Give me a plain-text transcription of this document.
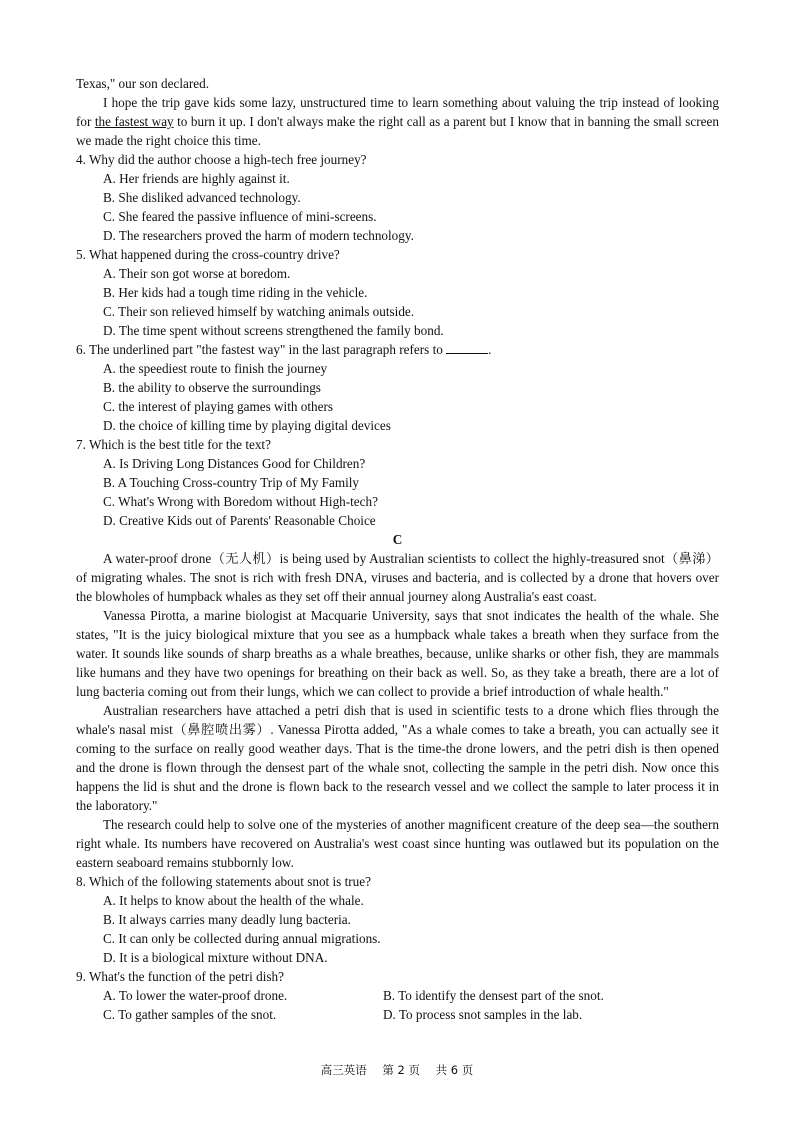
Texas," our son declared.

I hope the trip gave kids some lazy, unstructured time to learn something about valuing the trip instead of looking for the fastest way to burn it up. I don't always make the right call as a parent but I know that in banning the small screen we made the right choice this time.

4. Why did the author choose a high-tech free journey?

A. Her friends are highly against it.

B. She disliked advanced technology.

C. She feared the passive influence of mini-screens.

D. The researchers proved the harm of modern technology.

5. What happened during the cross-country drive?

A. Their son got worse at boredom.

B. Her kids had a tough time riding in the vehicle.

C. Their son relieved himself by watching animals outside.

D. The time spent without screens strengthened the family bond.

6. The underlined part "the fastest way" in the last paragraph refers to	.

A. the speediest route to finish the journey

B. the ability to observe the surroundings

C. the interest of playing games with others

D. the choice of killing time by playing digital devices

7. Which is the best title for the text?

A. Is Driving Long Distances Good for Children?

B. A Touching Cross-country Trip of My Family

C. What's Wrong with Boredom without High-tech?

D. Creative Kids out of Parents' Reasonable Choice

C

A water-proof drone（无人机）is being used by Australian scientists to collect the highly-treasured snot（鼻涕）of migrating whales. The snot is rich with fresh DNA, viruses and bacteria, and is collected by a drone that hovers over the blowholes of humpback whales as they set off their annual journey along Australia's east coast.

Vanessa Pirotta, a marine biologist at Macquarie University, says that snot indicates the health of the whale. She states, "It is the juicy biological mixture that you see as a humpback whale takes a breath when they surface from the water. It sounds like sounds of sharp breaths as a whale breathes, because, unlike sharks or other fish, they are mammals like humans and they have two openings for breathing on their back as well. So, as they take a breath, there are a lot of lung bacteria coming out from their lungs, which we can collect to provide a brief introduction of whale health."

Australian researchers have attached a petri dish that is used in scientific tests to a drone which flies through the whale's nasal mist（鼻腔喷出雾）. Vanessa Pirotta added, "As a whale comes to take a breath, you can actually see it coming to the surface on really good weather days. That is the time-the drone lowers, and the petri dish is then opened and the drone is flown through the densest part of the whale snot, collecting the sample in the petri dish. Now once this happens the lid is shut and the drone is flown back to the research vessel and we collect the sample to later process it in the laboratory."

The research could help to solve one of the mysteries of another magnificent creature of the deep sea—the southern right whale. Its numbers have recovered on Australia's west coast since hunting was outlawed but its population on the eastern seaboard remains stubbornly low.

8. Which of the following statements about snot is true?

A. It helps to know about the health of the whale.

B. It always carries many deadly lung bacteria.

C. It can only be collected during annual migrations.

D. It is a biological mixture without DNA.

9. What's the function of the petri dish?

A. To lower the water-proof drone.	B. To identify the densest part of the snot.
C. To gather samples of the snot.	D. To process snot samples in the lab.
高三英语 第 2 页 共 6 页
